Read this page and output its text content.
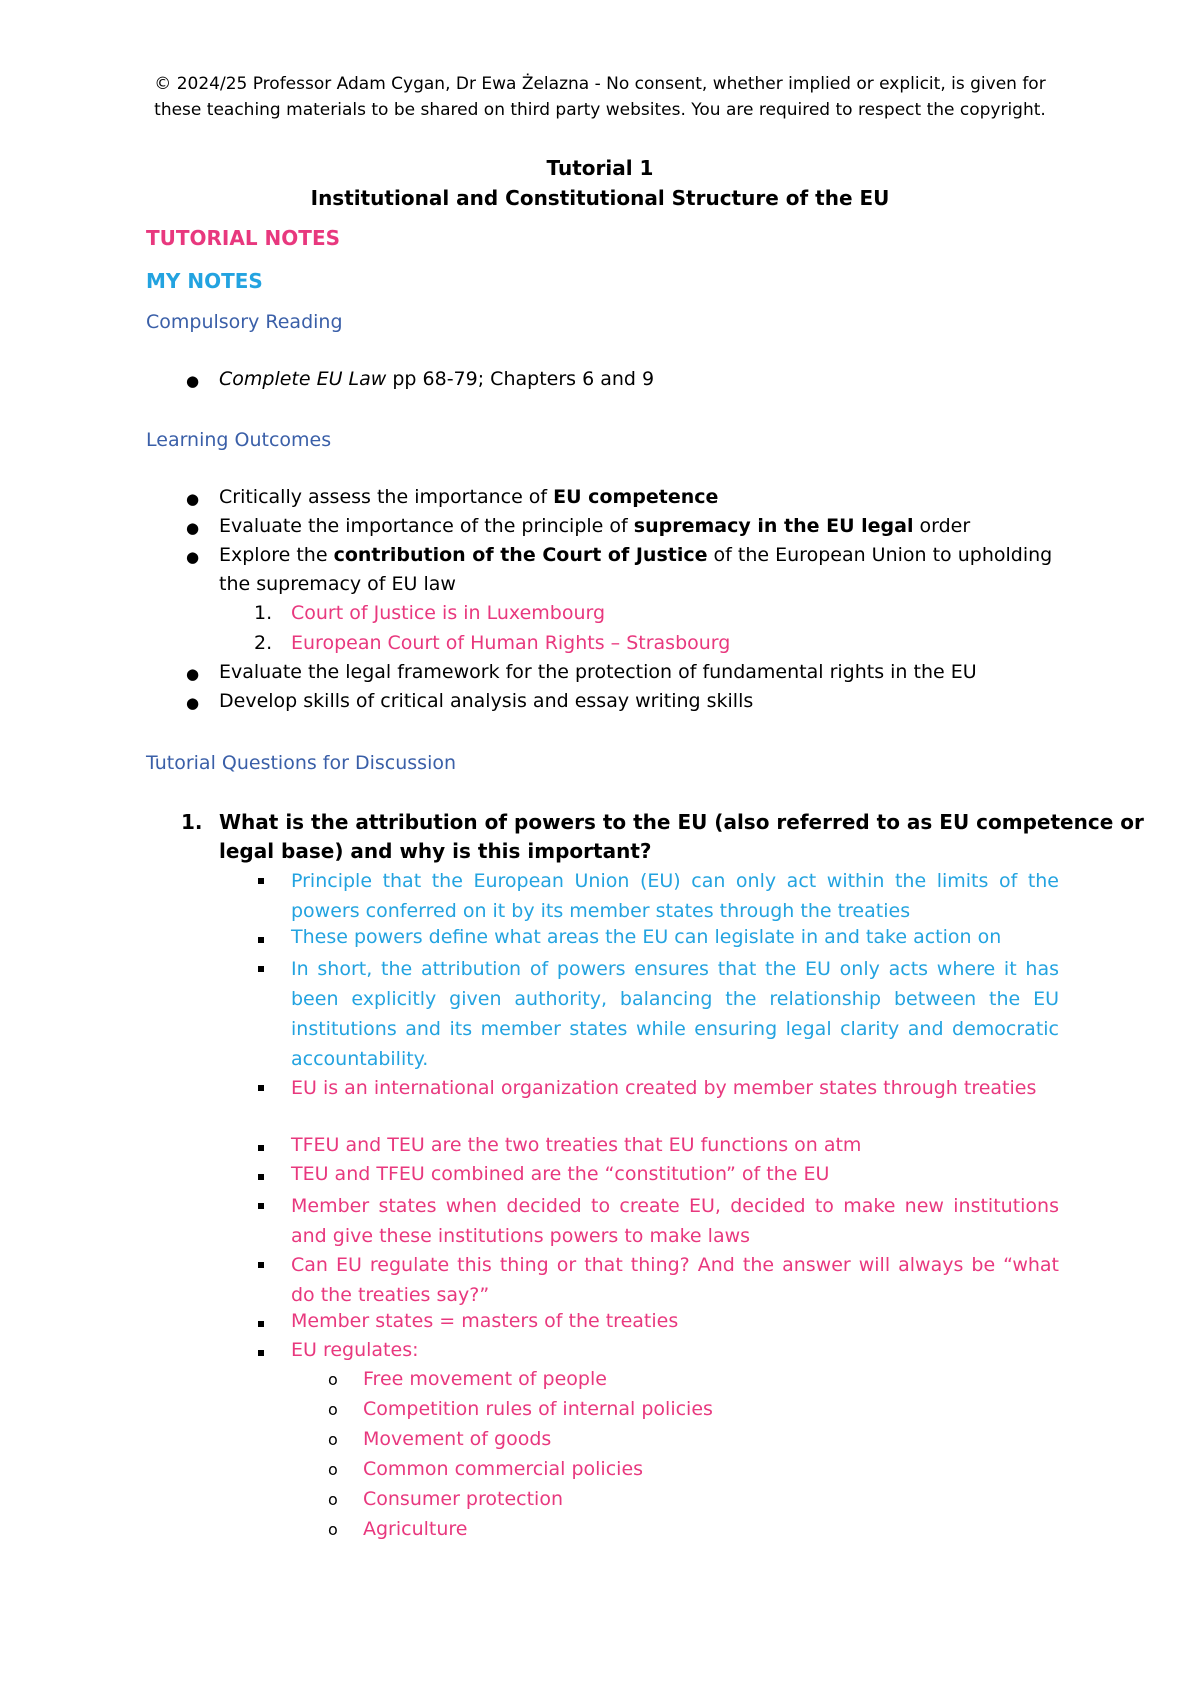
© 2024/25 Professor Adam Cygan, Dr Ewa Żelazna - No consent, whether implied or explicit, is given for
these teaching materials to be shared on third party websites. You are required to respect the copyright.
Tutorial 1
Institutional and Constitutional Structure of the EU
TUTORIAL NOTES
MY NOTES
Compulsory Reading
● Complete EU Law pp 68-79; Chapters 6 and 9
Learning Outcomes
● Critically assess the importance of EU competence
● Evaluate the importance of the principle of supremacy in the EU legal order
● Explore the contribution of the Court of Justice of the European Union to upholding
the supremacy of EU law
1. Court of Justice is in Luxembourg
2. European Court of Human Rights – Strasbourg
● Evaluate the legal framework for the protection of fundamental rights in the EU
● Develop skills of critical analysis and essay writing skills
Tutorial Questions for Discussion
1. What is the attribution of powers to the EU (also referred to as EU competence or
legal base) and why is this important?
Principle that the European Union (EU) can only act within the limits of the powers conferred on it by its member states through the treaties
These powers define what areas the EU can legislate in and take action on
In short, the attribution of powers ensures that the EU only acts where it has been explicitly given authority, balancing the relationship between the EU institutions and its member states while ensuring legal clarity and democratic accountability.
EU is an international organization created by member states through treaties
TFEU and TEU are the two treaties that EU functions on atm
TEU and TFEU combined are the “constitution” of the EU
Member states when decided to create EU, decided to make new institutions and give these institutions powers to make laws
Can EU regulate this thing or that thing? And the answer will always be “what do the treaties say?”
Member states = masters of the treaties
EU regulates:
o Free movement of people
o Competition rules of internal policies
o Movement of goods
o Common commercial policies
o Consumer protection
o Agriculture
